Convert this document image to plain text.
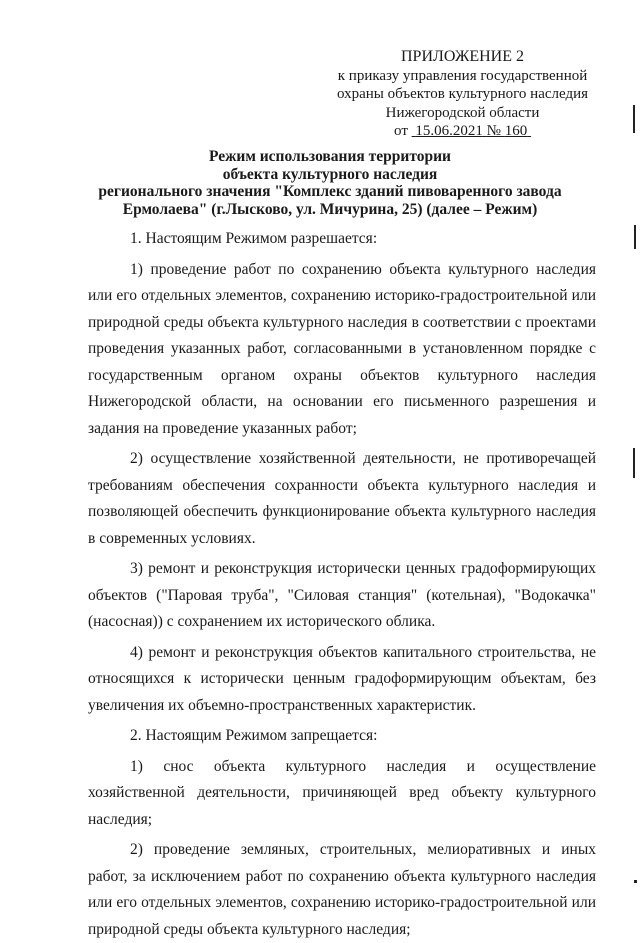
ПРИЛОЖЕНИЕ 2
к приказу управления государственной
охраны объектов культурного наследия
Нижегородской области
от 15.06.2021 № 160
Режим использования территории
объекта культурного наследия
регионального значения "Комплекс зданий пивоваренного завода
Ермолаева" (г.Лысково, ул. Мичурина, 25) (далее – Режим)

1. Настоящим Режимом разрешается:

1) проведение работ по сохранению объекта культурного наследия или его отдельных элементов, сохранению историко-градостроительной или природной среды объекта культурного наследия в соответствии с проектами проведения указанных работ, согласованными в установленном порядке с государственным органом охраны объектов культурного наследия Нижегородской области, на основании его письменного разрешения и задания на проведение указанных работ;

2) осуществление хозяйственной деятельности, не противоречащей требованиям обеспечения сохранности объекта культурного наследия и позволяющей обеспечить функционирование объекта культурного наследия в современных условиях.

3) ремонт и реконструкция исторически ценных градоформирующих объектов ("Паровая труба", "Силовая станция" (котельная), "Водокачка" (насосная)) с сохранением их исторического облика.

4) ремонт и реконструкция объектов капитального строительства, не относящихся к исторически ценным градоформирующим объектам, без увеличения их объемно-пространственных характеристик.

2. Настоящим Режимом запрещается:

1) снос объекта культурного наследия и осуществление хозяйственной деятельности, причиняющей вред объекту культурного наследия;

2) проведение земляных, строительных, мелиоративных и иных работ, за исключением работ по сохранению объекта культурного наследия или его отдельных элементов, сохранению историко-градостроительной или природной среды объекта культурного наследия;
